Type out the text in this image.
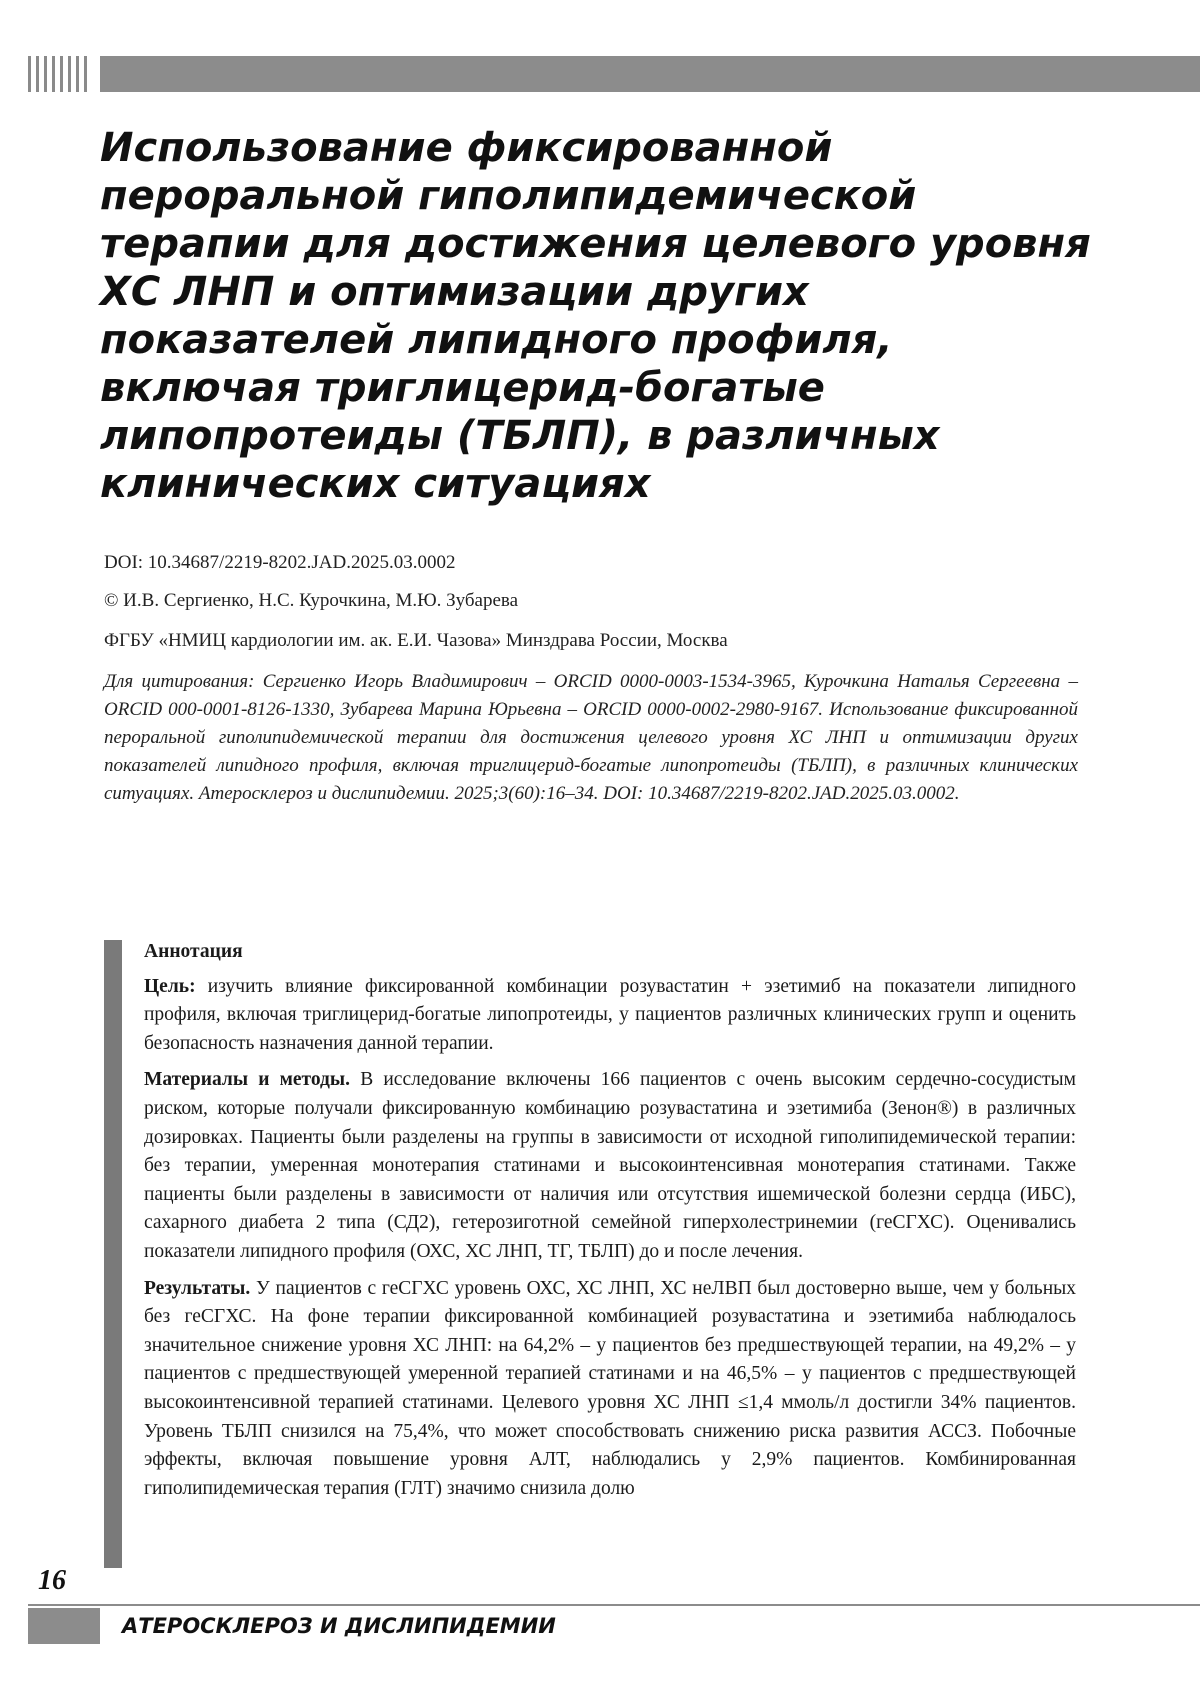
Оригинальные статьи
Использование фиксированной пероральной гиполипидемической терапии для достижения целевого уровня ХС ЛНП и оптимизации других показателей липидного профиля, включая триглицерид-богатые липопротеиды (ТБЛП), в различных клинических ситуациях
DOI: 10.34687/2219-8202.JAD.2025.03.0002
© И.В. Сергиенко, Н.С. Курочкина, М.Ю. Зубарева
ФГБУ «НМИЦ кардиологии им. ак. Е.И. Чазова» Минздрава России, Москва
Для цитирования: Сергиенко Игорь Владимирович – ORCID 0000-0003-1534-3965, Курочкина Наталья Сергеевна – ORCID 000-0001-8126-1330, Зубарева Марина Юрьевна – ORCID 0000-0002-2980-9167. Использование фиксированной пероральной гиполипидемической терапии для достижения целевого уровня ХС ЛНП и оптимизации других показателей липидного профиля, включая триглицерид-богатые липопротеиды (ТБЛП), в различных клинических ситуациях. Атеросклероз и дислипидемии. 2025;3(60):16–34. DOI: 10.34687/2219-8202.JAD.2025.03.0002.
Аннотация

Цель: изучить влияние фиксированной комбинации розувастатин + эзетимиб на показатели липидного профиля, включая триглицерид-богатые липопротеиды, у пациентов различных клинических групп и оценить безопасность назначения данной терапии.

Материалы и методы. В исследование включены 166 пациентов с очень высоким сердечно-сосудистым риском, которые получали фиксированную комбинацию розувастатина и эзетимиба (Зенон®) в различных дозировках. Пациенты были разделены на группы в зависимости от исходной гиполипидемической терапии: без терапии, умеренная монотерапия статинами и высокоинтенсивная монотерапия статинами. Также пациенты были разделены в зависимости от наличия или отсутствия ишемической болезни сердца (ИБС), сахарного диабета 2 типа (СД2), гетерозиготной семейной гиперхолестринемии (геСГХС). Оценивались показатели липидного профиля (ОХС, ХС ЛНП, ТГ, ТБЛП) до и после лечения.

Результаты. У пациентов с геСГХС уровень ОХС, ХС ЛНП, ХС неЛВП был достоверно выше, чем у больных без геСГХС. На фоне терапии фиксированной комбинацией розувастатина и эзетимиба наблюдалось значительное снижение уровня ХС ЛНП: на 64,2% – у пациентов без предшествующей терапии, на 49,2% – у пациентов с предшествующей умеренной терапией статинами и на 46,5% – у пациентов с предшествующей высокоинтенсивной терапией статинами. Целевого уровня ХС ЛНП ≤1,4 ммоль/л достигли 34% пациентов. Уровень ТБЛП снизился на 75,4%, что может способствовать снижению риска развития АССЗ. Побочные эффекты, включая повышение уровня АЛТ, наблюдались у 2,9% пациентов. Комбинированная гиполипидемическая терапия (ГЛТ) значимо снизила долю

16
АТЕРОСКЛЕРОЗ И ДИСЛИПИДЕМИИ
